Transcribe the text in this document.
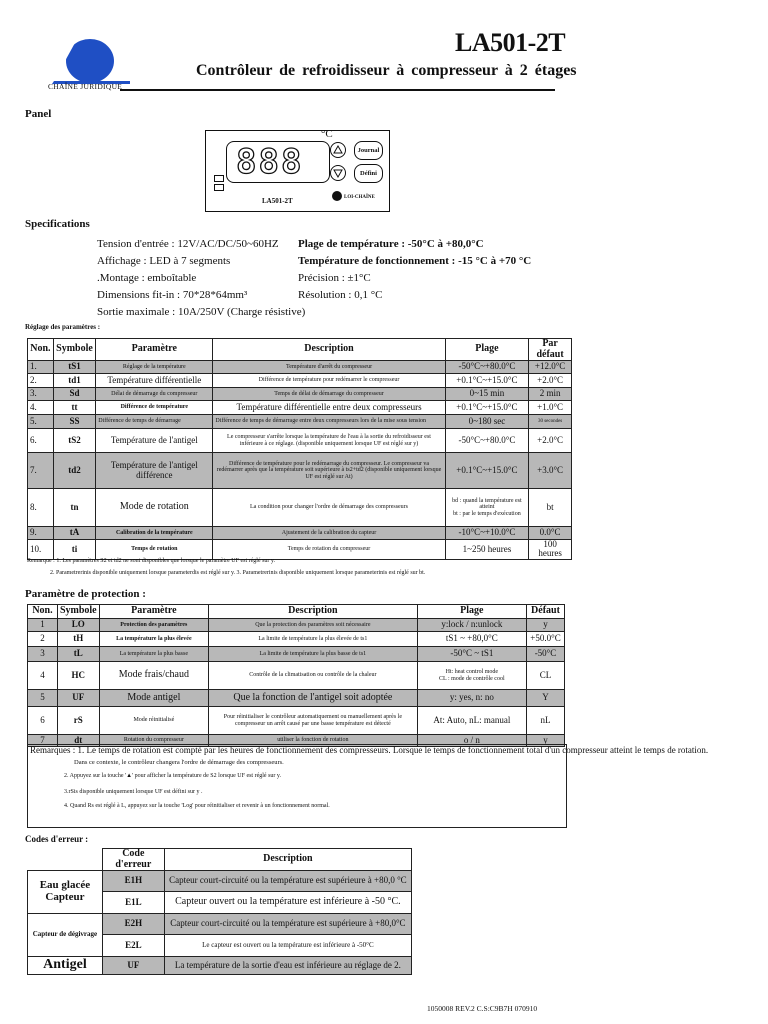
CHAÎNE JURIDIQUE
LA501-2T
Contrôleur de refroidisseur à compresseur à 2 étages
Panel
888
°C
Journal
Défini
LA501-2T	LOI-CHAÎNE
Specifications
Tension d'entrée : 12V/AC/DC/50~60HZ
Affichage : LED à 7 segments
.Montage : emboîtable
Dimensions fit-in : 70*28*64mm³
Sortie maximale : 10A/250V (Charge résistive)
Plage de température : -50°C à +80,0°C
Température de fonctionnement : -15 °C à +70 °C
Précision : ±1°C
Résolution : 0,1 °C
Réglage des paramètres :
Non.	Symbole	Paramètre	Description	Plage	Par défaut
1.	tS1	Réglage de la température	Température d'arrêt du compresseur	-50°C~+80.0°C	+12.0°C
2.	td1	Température différentielle	Différence de température pour redémarrer le compresseur	+0.1°C~+15.0°C	+2.0°C
3.	Sd	Délai de démarrage du compresseur	Temps de délai de démarrage du compresseur	0~15 min	2 min
4.	tt	Différence de température	Température différentielle entre deux compresseurs	+0.1°C~+15.0°C	+1.0°C
5.	SS	Différence de temps de démarrage	Différence de temps de démarrage entre deux compresseurs lors de la mise sous tension	0~180 sec	30 secondes
6.	tS2	Température de l'antigel	Le compresseur s'arrête lorsque la température de l'eau à la sortie du refroidisseur est inférieure à ce réglage. (disponible uniquement lorsque UF est réglé sur y)	-50°C~+80.0°C	+2.0°C
7.	td2	Température de l'antigel différence	Différence de température pour le redémarrage du compresseur. Le compresseur va redémarrer après que la température soit supérieure à ts2+td2 (disponible uniquement lorsque UF est réglé sur At)	+0.1°C~+15.0°C	+3.0°C
8.	tn	Mode de rotation	La condition pour changer l'ordre de démarrage des compresseurs	bd : quand la température est atteint
bt : par le temps d'exécution	bt
9.	tA	Calibration de la température	Ajustement de la calibration du capteur	-10°C~+10.0°C	0.0°C
10.	ti	Temps de rotation	Temps de rotation du compresseur	1~250 heures	100 heures
Remarque : 1. Les paramètres S2 et td2 ne sont disponibles que lorsque le paramètre UF est réglé sur y.
2. Parametrerinis disponible uniquement lorsque parameterdis est réglé sur y. 3. Parametrerinis disponible uniquement lorsque parameterinis est réglé sur bt.
Paramètre de protection :
Non.	Symbole	Paramètre	Description	Plage	Défaut
1	LO	Protection des paramètres	Que la protection des paramètres soit nécessaire	y:lock / n:unlock	y
2	tH	La température la plus élevée	La limite de température la plus élevée de ts1	tS1 ~ +80,0°C	+50.0°C
3	tL	La température la plus basse	La limite de température la plus basse de ts1	-50°C ~ tS1	-50°C
4	HC	Mode frais/chaud	Contrôle de la climatisation ou contrôle de la chaleur	Ht: heat control mode
CL : mode de contrôle cool	CL
5	UF	Mode antigel	Que la fonction de l'antigel soit adoptée	y: yes, n: no	Y
6	rS	Mode réinitialisé	Pour réinitialiser le contrôleur automatiquement ou manuellement après le compresseur un arrêt causé par une basse température est détecté	At: Auto, nL: manual	nL
7	dt	Rotation du compresseur	utiliser la fonction de rotation	o / n	y
Remarques : 1. Le temps de rotation est compté par les heures de fonctionnement des compresseurs. Lorsque le temps de fonctionnement total d'un compresseur atteint le temps de rotation.
Dans ce contexte, le contrôleur changera l'ordre de démarrage des compresseurs.
2. Appuyez sur la touche '▲' pour afficher la température de S2 lorsque UF est réglé sur y.
3.rSis disponible uniquement lorsque UF est défini sur y .
4. Quand Rs est réglé à L, appuyez sur la touche 'Log' pour réinitialiser et revenir à un fonctionnement normal.
Codes d'erreur :
	Code d'erreur	Description
Eau glacée Capteur	E1H	Capteur court-circuité ou la température est supérieure à +80,0 °C
	E1L	Capteur ouvert ou la température est inférieure à -50 °C.
Capteur de dégivrage	E2H	Capteur court-circuité ou la température est supérieure à +80,0°C
	E2L	Le capteur est ouvert ou la température est inférieure à -50°C
Antigel	UF	La température de la sortie d'eau est inférieure au réglage de 2.
1050008 REV.2 C.S:C9B7H 070910
